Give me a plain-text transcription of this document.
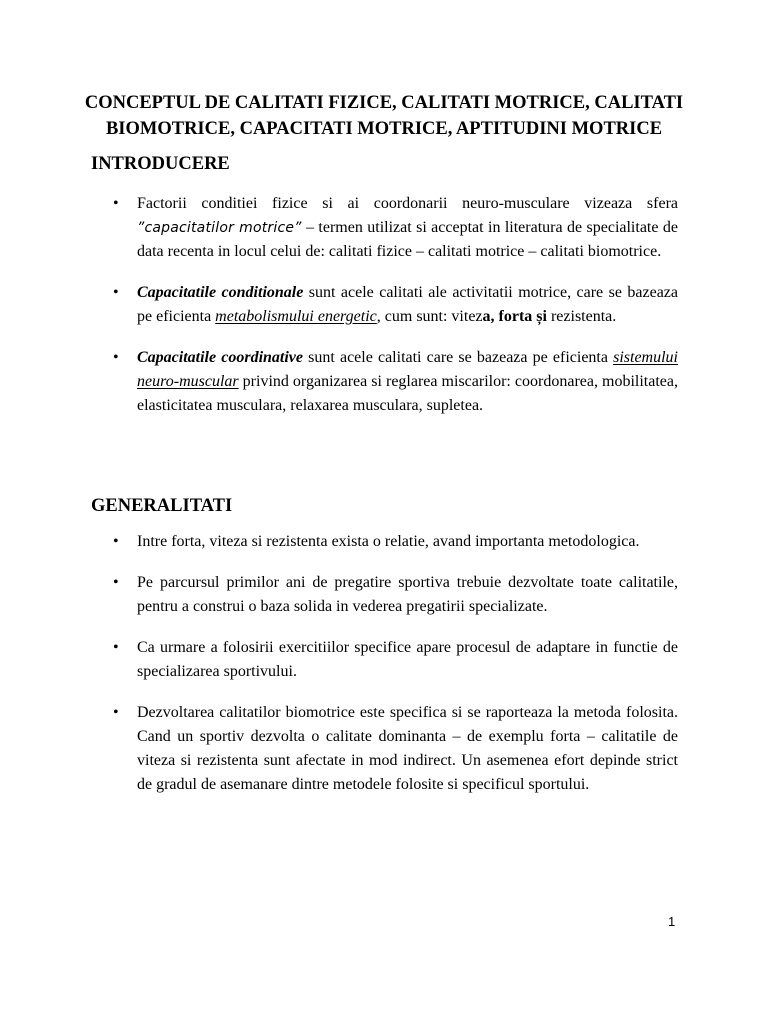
CONCEPTUL DE CALITATI FIZICE, CALITATI MOTRICE, CALITATI
BIOMOTRICE, CAPACITATI MOTRICE, APTITUDINI MOTRICE
INTRODUCERE
• Factorii conditiei fizice si ai coordonarii neuro-musculare vizeaza sfera ”capacitatilor motrice” – termen utilizat si acceptat in literatura de specialitate de data recenta in locul celui de: calitati fizice – calitati motrice – calitati biomotrice.
• Capacitatile conditionale sunt acele calitati ale activitatii motrice, care se bazeaza pe eficienta metabolismului energetic, cum sunt: viteza, forta și rezistenta.
• Capacitatile coordinative sunt acele calitati care se bazeaza pe eficienta sistemului neuro-muscular privind organizarea si reglarea miscarilor: coordonarea, mobilitatea, elasticitatea musculara, relaxarea musculara, supletea.
GENERALITATI
• Intre forta, viteza si rezistenta exista o relatie, avand importanta metodologica.
• Pe parcursul primilor ani de pregatire sportiva trebuie dezvoltate toate calitatile, pentru a construi o baza solida in vederea pregatirii specializate.
• Ca urmare a folosirii exercitiilor specifice apare procesul de adaptare in functie de specializarea sportivului.
• Dezvoltarea calitatilor biomotrice este specifica si se raporteaza la metoda folosita. Cand un sportiv dezvolta o calitate dominanta – de exemplu forta – calitatile de viteza si rezistenta sunt afectate in mod indirect. Un asemenea efort depinde strict de gradul de asemanare dintre metodele folosite si specificul sportului.
1
